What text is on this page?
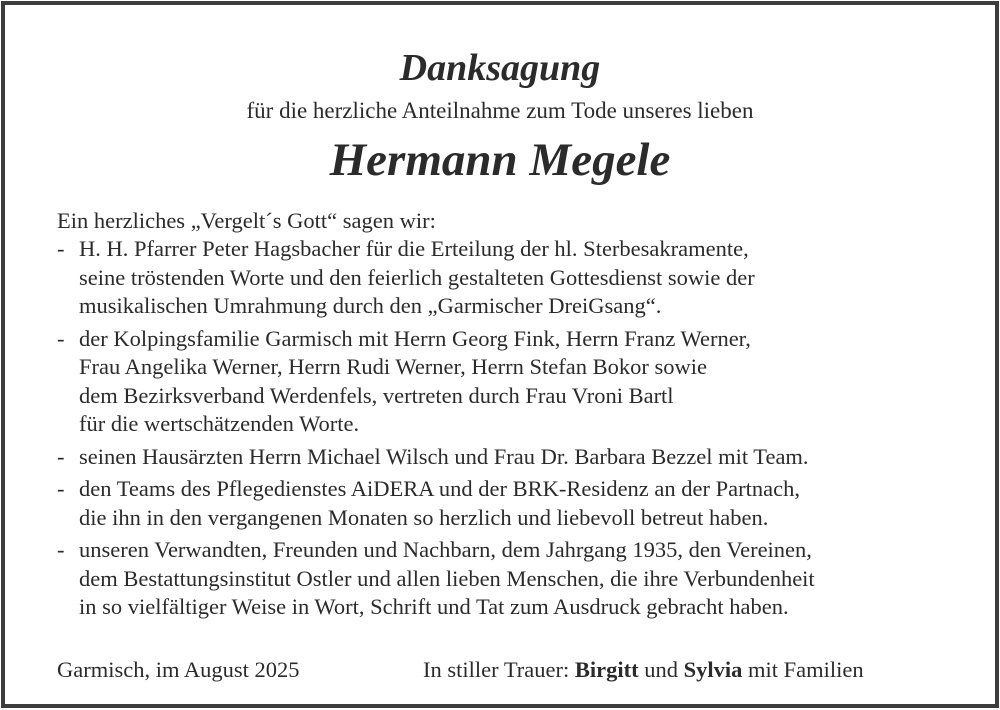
Danksagung
für die herzliche Anteilnahme zum Tode unseres lieben
Hermann Megele
Ein herzliches „Vergelt´s Gott“ sagen wir:
- H. H. Pfarrer Peter Hagsbacher für die Erteilung der hl. Sterbesakramente,
seine tröstenden Worte und den feierlich gestalteten Gottesdienst sowie der
musikalischen Umrahmung durch den „Garmischer DreiGsang“.
- der Kolpingsfamilie Garmisch mit Herrn Georg Fink, Herrn Franz Werner,
Frau Angelika Werner, Herrn Rudi Werner, Herrn Stefan Bokor sowie
dem Bezirksverband Werdenfels, vertreten durch Frau Vroni Bartl
für die wertschätzenden Worte.
- seinen Hausärzten Herrn Michael Wilsch und Frau Dr. Barbara Bezzel mit Team.
- den Teams des Pflegedienstes AiDERA und der BRK-Residenz an der Partnach,
die ihn in den vergangenen Monaten so herzlich und liebevoll betreut haben.
- unseren Verwandten, Freunden und Nachbarn, dem Jahrgang 1935, den Vereinen,
dem Bestattungsinstitut Ostler und allen lieben Menschen, die ihre Verbundenheit
in so vielfältiger Weise in Wort, Schrift und Tat zum Ausdruck gebracht haben.
Garmisch, im August 2025	In stiller Trauer: Birgitt und Sylvia mit Familien
